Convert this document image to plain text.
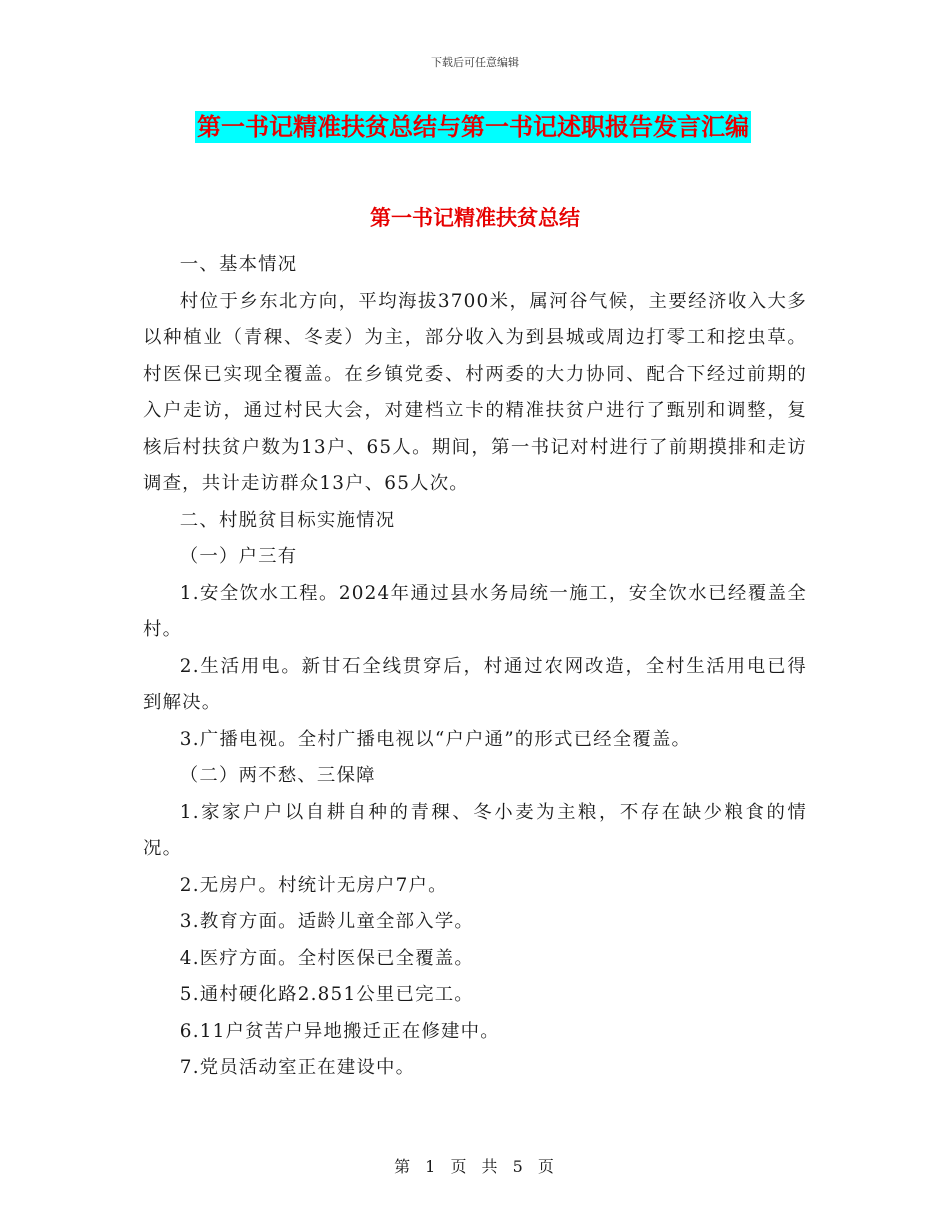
下载后可任意编辑
第一书记精准扶贫总结与第一书记述职报告发言汇编
第一书记精准扶贫总结

一、基本情况

村位于乡东北方向，平均海拔3700米，属河谷气候，主要经济收入大多以种植业（青稞、冬麦）为主，部分收入为到县城或周边打零工和挖虫草。村医保已实现全覆盖。在乡镇党委、村两委的大力协同、配合下经过前期的入户走访，通过村民大会，对建档立卡的精准扶贫户进行了甄别和调整，复核后村扶贫户数为13户、65人。期间，第一书记对村进行了前期摸排和走访调查，共计走访群众13户、65人次。

二、村脱贫目标实施情况

（一）户三有

1.安全饮水工程。2024年通过县水务局统一施工，安全饮水已经覆盖全村。

2.生活用电。新甘石全线贯穿后，村通过农网改造，全村生活用电已得到解决。

3.广播电视。全村广播电视以“户户通”的形式已经全覆盖。

（二）两不愁、三保障

1.家家户户以自耕自种的青稞、冬小麦为主粮，不存在缺少粮食的情况。

2.无房户。村统计无房户7户。

3.教育方面。适龄儿童全部入学。

4.医疗方面。全村医保已全覆盖。

5.通村硬化路2.851公里已完工。

6.11户贫苦户异地搬迁正在修建中。

7.党员活动室正在建设中。

第 1 页 共 5 页
